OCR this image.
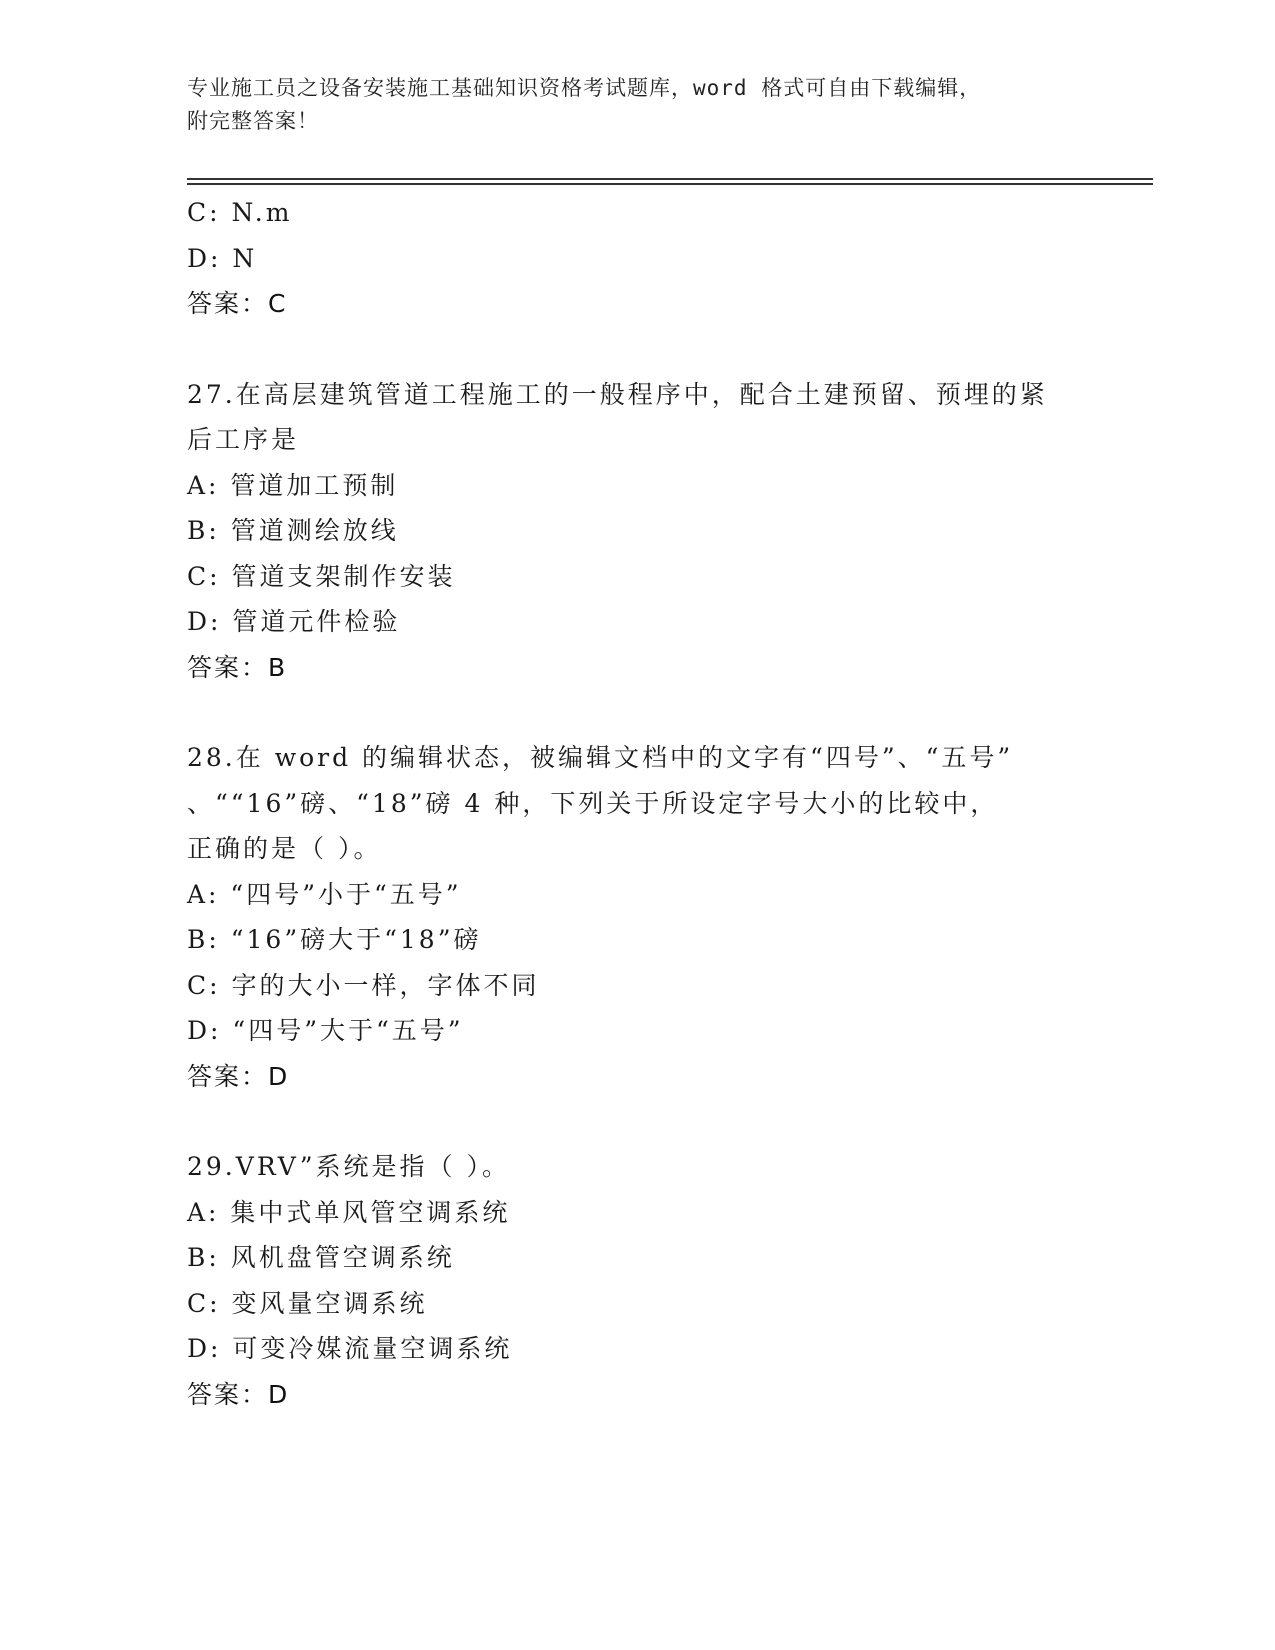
专业施工员之设备安装施工基础知识资格考试题库，word 格式可自由下载编辑，
附完整答案！
C: N.m
D: N
答案：C
27.在高层建筑管道工程施工的一般程序中，配合土建预留、预埋的紧
后工序是
A: 管道加工预制
B: 管道测绘放线
C: 管道支架制作安装
D: 管道元件检验
答案：B
28.在 word 的编辑状态，被编辑文档中的文字有“四号”、“五号”
、““16”磅、“18”磅 4 种，下列关于所设定字号大小的比较中，
正确的是（ ）。
A: “四号”小于“五号”
B: “16”磅大于“18”磅
C: 字的大小一样，字体不同
D: “四号”大于“五号”
答案：D
29.VRV”系统是指（ ）。
A: 集中式单风管空调系统
B: 风机盘管空调系统
C: 变风量空调系统
D: 可变冷媒流量空调系统
答案：D
